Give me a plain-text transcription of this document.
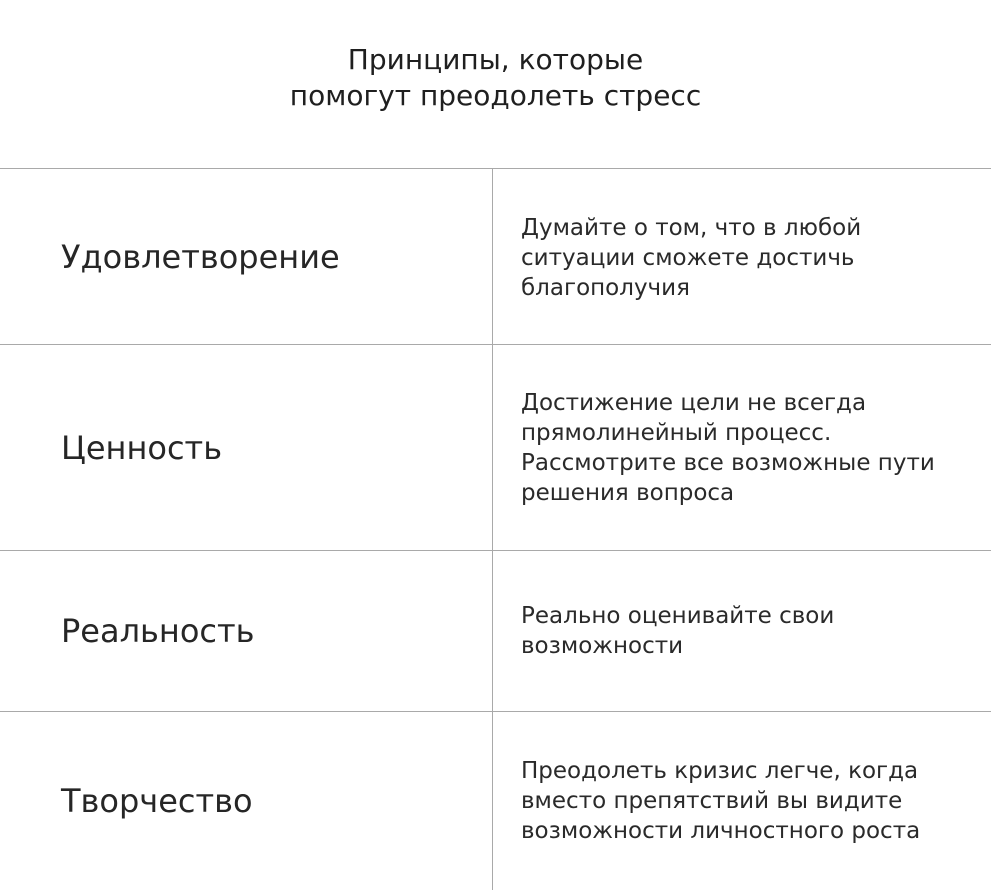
Принципы, которые
помогут преодолеть стресс
Удовлетворение

Думайте о том, что в любой ситуации сможете достичь благополучия

Ценность

Достижение цели не всегда прямолинейный процесс. Рассмотрите все возможные пути решения вопроса

Реальность	Реально оценивайте свои возможности

Творчество

Преодолеть кризис легче, когда вместо препятствий вы видите возможности личностного роста
